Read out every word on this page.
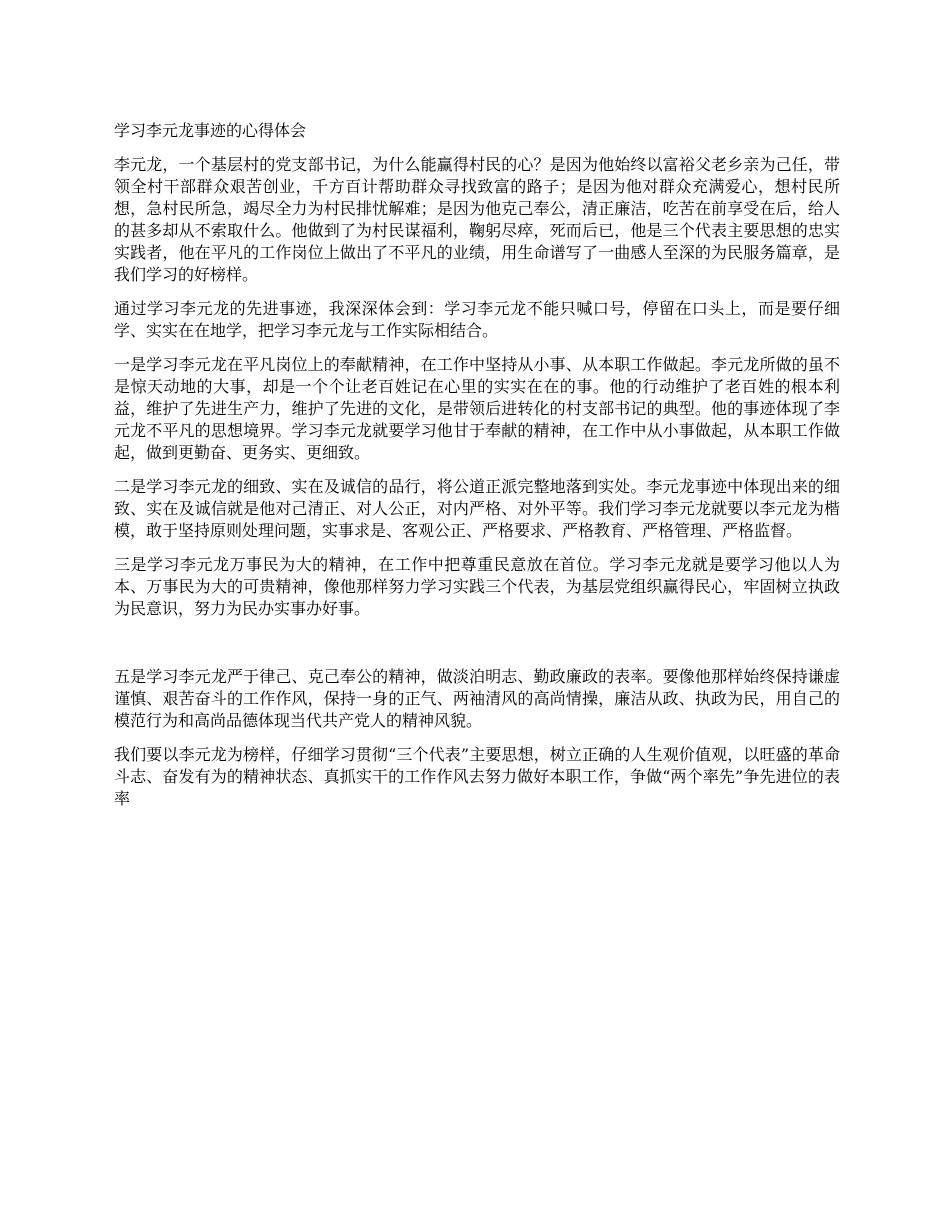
学习李元龙事迹的心得体会

李元龙，一个基层村的党支部书记，为什么能赢得村民的心？是因为他始终以富裕父老乡亲为己任，带领全村干部群众艰苦创业，千方百计帮助群众寻找致富的路子；是因为他对群众充满爱心，想村民所想，急村民所急，竭尽全力为村民排忧解难；是因为他克己奉公，清正廉洁，吃苦在前享受在后，给人的甚多却从不索取什么。他做到了为村民谋福利，鞠躬尽瘁，死而后已，他是三个代表主要思想的忠实实践者，他在平凡的工作岗位上做出了不平凡的业绩，用生命谱写了一曲感人至深的为民服务篇章，是我们学习的好榜样。

通过学习李元龙的先进事迹，我深深体会到：学习李元龙不能只喊口号，停留在口头上，而是要仔细学、实实在在地学，把学习李元龙与工作实际相结合。

一是学习李元龙在平凡岗位上的奉献精神，在工作中坚持从小事、从本职工作做起。李元龙所做的虽不是惊天动地的大事，却是一个个让老百姓记在心里的实实在在的事。他的行动维护了老百姓的根本利益，维护了先进生产力，维护了先进的文化，是带领后进转化的村支部书记的典型。他的事迹体现了李元龙不平凡的思想境界。学习李元龙就要学习他甘于奉献的精神，在工作中从小事做起，从本职工作做起，做到更勤奋、更务实、更细致。

二是学习李元龙的细致、实在及诚信的品行，将公道正派完整地落到实处。李元龙事迹中体现出来的细致、实在及诚信就是他对己清正、对人公正，对内严格、对外平等。我们学习李元龙就要以李元龙为楷模，敢于坚持原则处理问题，实事求是、客观公正、严格要求、严格教育、严格管理、严格监督。

三是学习李元龙万事民为大的精神，在工作中把尊重民意放在首位。学习李元龙就是要学习他以人为本、万事民为大的可贵精神，像他那样努力学习实践三个代表，为基层党组织赢得民心，牢固树立执政为民意识，努力为民办实事办好事。

五是学习李元龙严于律己、克己奉公的精神，做淡泊明志、勤政廉政的表率。要像他那样始终保持谦虚谨慎、艰苦奋斗的工作作风，保持一身的正气、两袖清风的高尚情操，廉洁从政、执政为民，用自己的模范行为和高尚品德体现当代共产党人的精神风貌。

我们要以李元龙为榜样，仔细学习贯彻“三个代表”主要思想，树立正确的人生观价值观，以旺盛的革命斗志、奋发有为的精神状态、真抓实干的工作作风去努力做好本职工作，争做“两个率先”争先进位的表率
